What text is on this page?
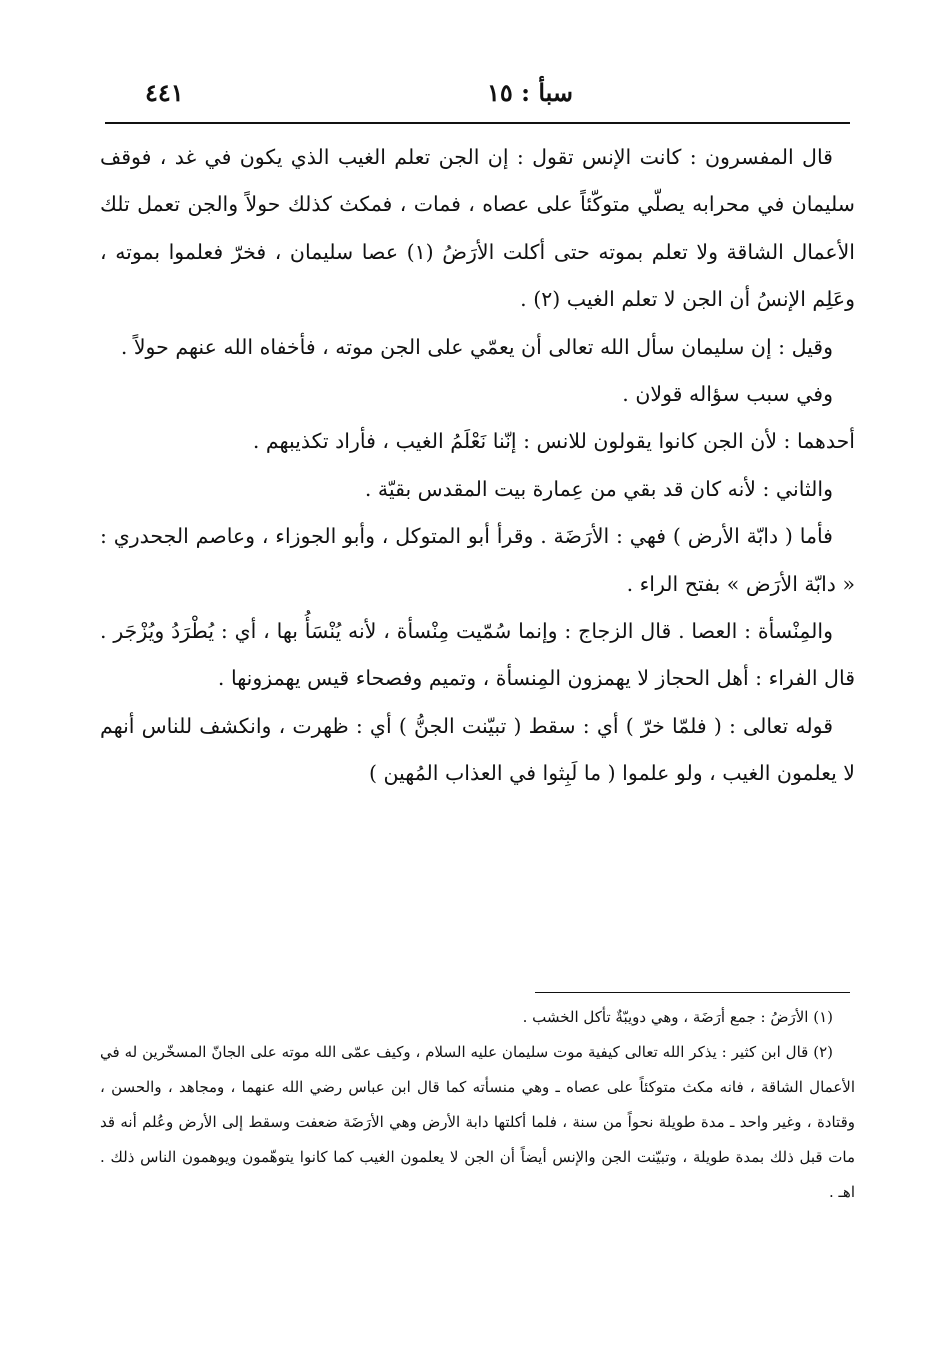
سبأ : ١٥
٤٤١

قال المفسرون : كانت الإنس تقول : إن الجن تعلم الغيب الذي يكون في غد ، فوقف سليمان في محرابه يصلّي متوكّئاً على عصاه ، فمات ، فمكث كذلك حولاً والجن تعمل تلك الأعمال الشاقة ولا تعلم بموته حتى أكلت الأرَضُ (١) عصا سليمان ، فخرّ فعلموا بموته ، وعَلِم الإنسُ أن الجن لا تعلم الغيب (٢) .

وقيل : إن سليمان سأل الله تعالى أن يعمّي على الجن موته ، فأخفاه الله عنهم حولاً .

وفي سبب سؤاله قولان .

أحدهما : لأن الجن كانوا يقولون للانس : إنّنا نَعْلَمُ الغيب ، فأراد تكذيبهم .

والثاني : لأنه كان قد بقي من عِمارة بيت المقدس بقيّة .

فأما ( دابّة الأرض ) فهي : الأرَضَة . وقرأ أبو المتوكل ، وأبو الجوزاء ، وعاصم الجحدري : « دابّة الأرَض » بفتح الراء .

والمِنْسأة : العصا . قال الزجاج : وإنما سُمّيت مِنْسأة ، لأنه يُنْسَأُ بها ، أي : يُطْرَدُ ويُزْجَر . قال الفراء : أهل الحجاز لا يهمزون المِنسأة ، وتميم وفصحاء قيس يهمزونها .

قوله تعالى : ( فلمّا خرّ ) أي : سقط ( تبيّنت الجنُّ ) أي : ظهرت ، وانكشف للناس أنهم لا يعلمون الغيب ، ولو علموا ( ما لَبِثوا في العذاب المُهين )

(١) الأرَضُ : جمع أرَضَة ، وهي دويبّةٌ تأكل الخشب .

(٢) قال ابن كثير : يذكر الله تعالى كيفية موت سليمان عليه السلام ، وكيف عمّى الله موته على الجانّ المسخّرين له في الأعمال الشاقة ، فانه مكث متوكئاً على عصاه ـ وهي منسأته كما قال ابن عباس رضي الله عنهما ، ومجاهد ، والحسن ، وقتادة ، وغير واحد ـ مدة طويلة نحواً من سنة ، فلما أكلتها دابة الأرض وهي الأرَضَة ضعفت وسقط إلى الأرض وعُلم أنه قد مات قبل ذلك بمدة طويلة ، وتبيّنت الجن والإنس أيضاً أن الجن لا يعلمون الغيب كما كانوا يتوهّمون ويوهمون الناس ذلك . اهـ .
